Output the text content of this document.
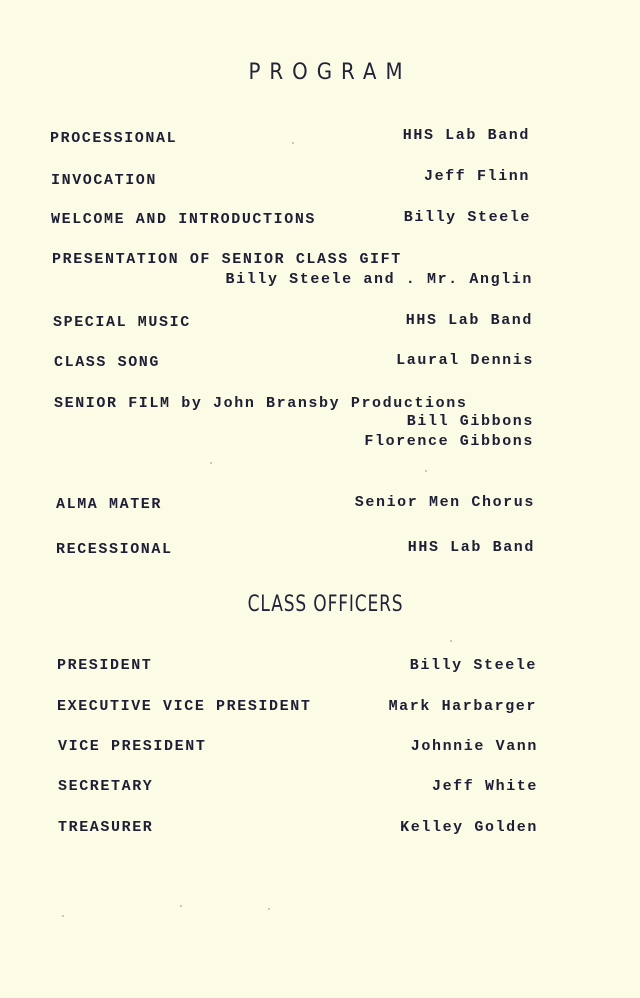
PROGRAM
PROCESSIONAL	HHS Lab Band
INVOCATION	Jeff Flinn
WELCOME AND INTRODUCTIONS	Billy Steele
PRESENTATION OF SENIOR CLASS GIFT
Billy Steele and . Mr. Anglin
SPECIAL MUSIC	HHS Lab Band
CLASS SONG	Laural Dennis
SENIOR FILM by John Bransby Productions
Bill Gibbons
Florence Gibbons
ALMA MATER	Senior Men Chorus
RECESSIONAL	HHS Lab Band
CLASS OFFICERS
PRESIDENT	Billy Steele
EXECUTIVE VICE PRESIDENT	Mark Harbarger
VICE PRESIDENT	Johnnie Vann
SECRETARY	Jeff White
TREASURER	Kelley Golden
